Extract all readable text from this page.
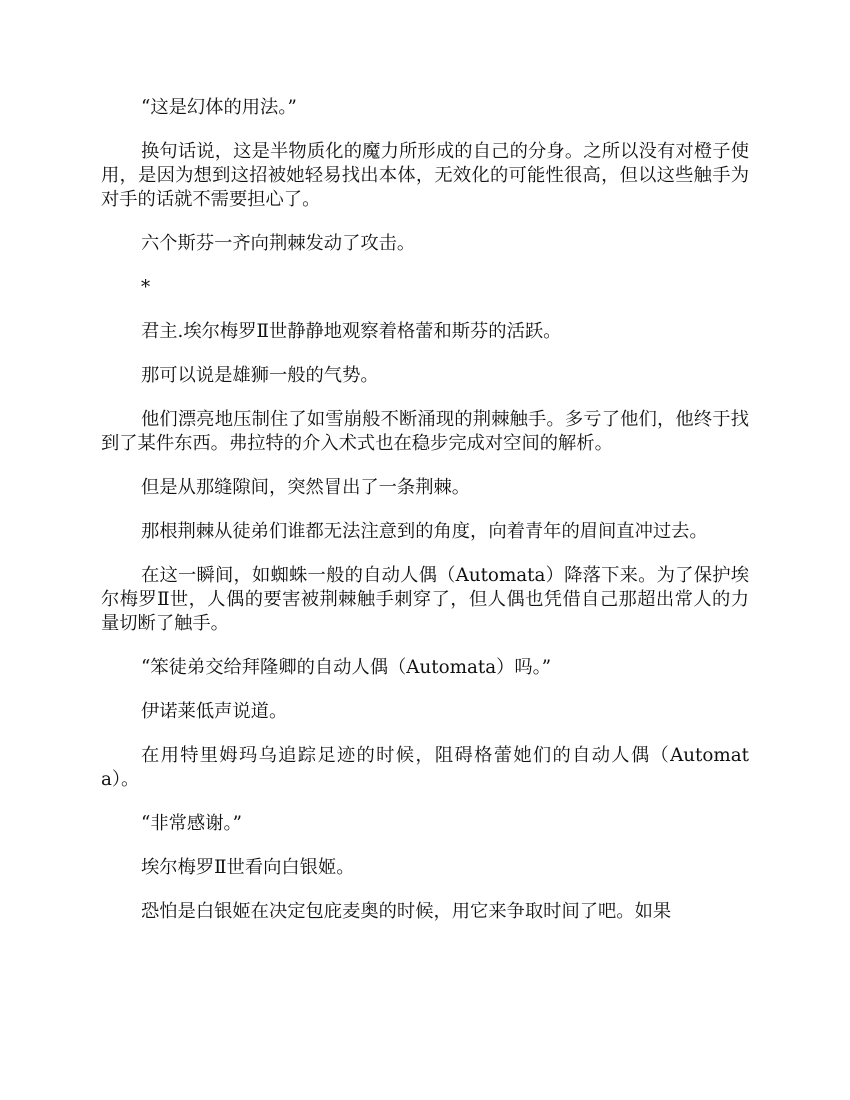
“这是幻体的用法。”

换句话说，这是半物质化的魔力所形成的自己的分身。之所以没有对橙子使用，是因为想到这招被她轻易找出本体，无效化的可能性很高，但以这些触手为对手的话就不需要担心了。

六个斯芬一齐向荆棘发动了攻击。

*

君主.埃尔梅罗Ⅱ世静静地观察着格蕾和斯芬的活跃。

那可以说是雄狮一般的气势。

他们漂亮地压制住了如雪崩般不断涌现的荆棘触手。多亏了他们，他终于找到了某件东西。弗拉特的介入术式也在稳步完成对空间的解析。

但是从那缝隙间，突然冒出了一条荆棘。

那根荆棘从徒弟们谁都无法注意到的角度，向着青年的眉间直冲过去。

在这一瞬间，如蜘蛛一般的自动人偶（Automata）降落下来。为了保护埃尔梅罗Ⅱ世，人偶的要害被荆棘触手刺穿了，但人偶也凭借自己那超出常人的力量切断了触手。

“笨徒弟交给拜隆卿的自动人偶（Automata）吗。”

伊诺莱低声说道。

在用特里姆玛乌追踪足迹的时候，阻碍格蕾她们的自动人偶（Automata）。

“非常感谢。”

埃尔梅罗Ⅱ世看向白银姬。

恐怕是白银姬在决定包庇麦奥的时候，用它来争取时间了吧。如果
